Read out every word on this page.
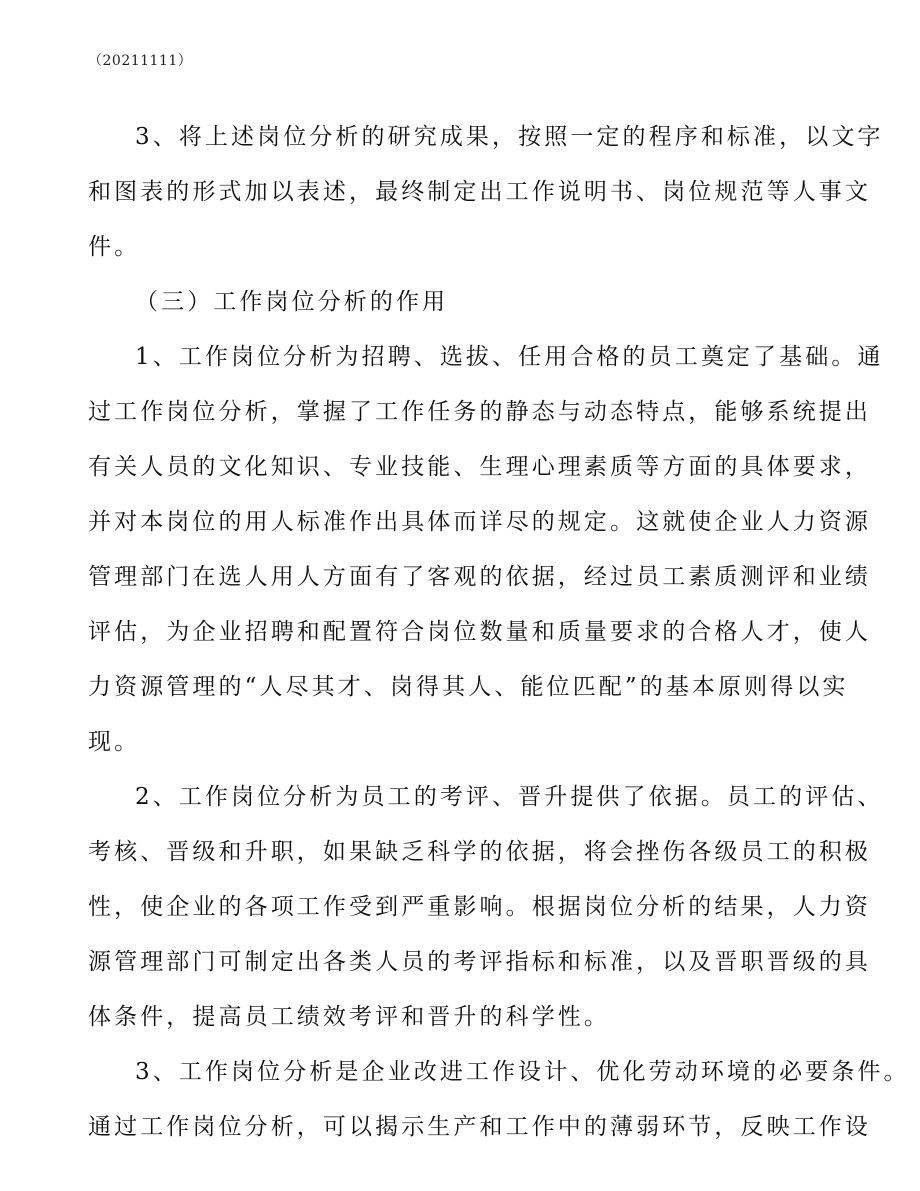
（20211111）
3、将上述岗位分析的研究成果，按照一定的程序和标准，以文字
和图表的形式加以表述，最终制定出工作说明书、岗位规范等人事文
件。
（三）工作岗位分析的作用
1、工作岗位分析为招聘、选拔、任用合格的员工奠定了基础。通
过工作岗位分析，掌握了工作任务的静态与动态特点，能够系统提出
有关人员的文化知识、专业技能、生理心理素质等方面的具体要求，
并对本岗位的用人标准作出具体而详尽的规定。这就使企业人力资源
管理部门在选人用人方面有了客观的依据，经过员工素质测评和业绩
评估，为企业招聘和配置符合岗位数量和质量要求的合格人才，使人
力资源管理的“人尽其才、岗得其人、能位匹配”的基本原则得以实
现。
2、工作岗位分析为员工的考评、晋升提供了依据。员工的评估、
考核、晋级和升职，如果缺乏科学的依据，将会挫伤各级员工的积极
性，使企业的各项工作受到严重影响。根据岗位分析的结果，人力资
源管理部门可制定出各类人员的考评指标和标准，以及晋职晋级的具
体条件，提高员工绩效考评和晋升的科学性。
3、工作岗位分析是企业改进工作设计、优化劳动环境的必要条件。
通过工作岗位分析，可以揭示生产和工作中的薄弱环节，反映工作设
